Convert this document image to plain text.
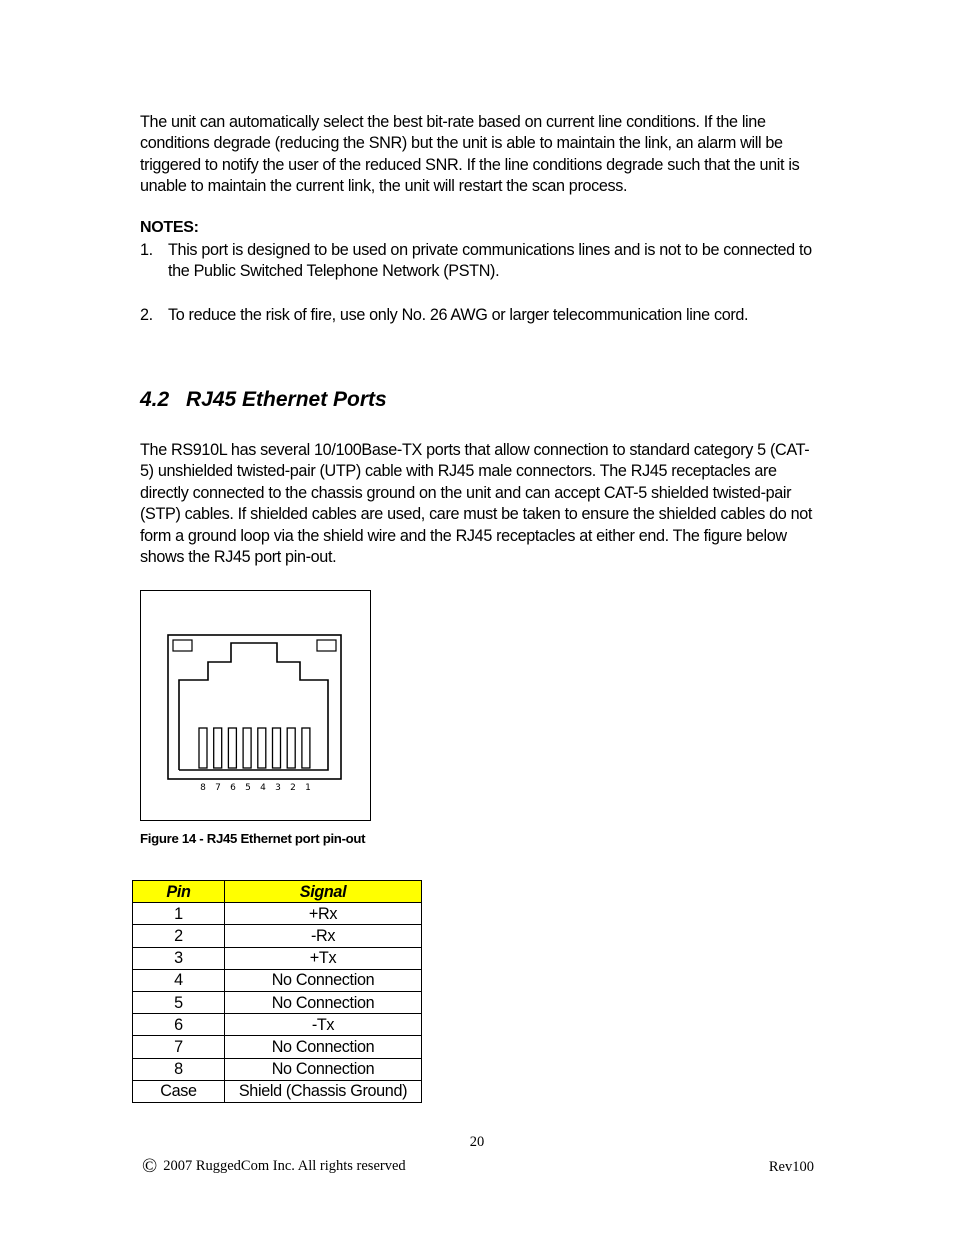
The unit can automatically select the best bit-rate based on current line conditions. If the line conditions degrade (reducing the SNR) but the unit is able to maintain the link, an alarm will be triggered to notify the user of the reduced SNR. If the line conditions degrade such that the unit is unable to maintain the current link, the unit will restart the scan process.

NOTES:

1. This port is designed to be used on private communications lines and is not to be connected to the Public Switched Telephone Network (PSTN).
2. To reduce the risk of fire, use only No. 26 AWG or larger telecommunication line cord.
4.2 RJ45 Ethernet Ports

The RS910L has several 10/100Base-TX ports that allow connection to standard category 5 (CAT-5) unshielded twisted-pair (UTP) cable with RJ45 male connectors. The RJ45 receptacles are directly connected to the chassis ground on the unit and can accept CAT-5 shielded twisted-pair (STP) cables. If shielded cables are used, care must be taken to ensure the shielded cables do not form a ground loop via the shield wire and the RJ45 receptacles at either end. The figure below shows the RJ45 port pin-out.

8 7 6 5 4 3 2 1
Figure 14 - RJ45 Ethernet port pin-out
Pin	Signal
1	+Rx
2	-Rx
3	+Tx
4	No Connection
5	No Connection
6	-Tx
7	No Connection
8	No Connection
Case	Shield (Chassis Ground)
20
© 2007 RuggedCom Inc. All rights reserved	Rev100
